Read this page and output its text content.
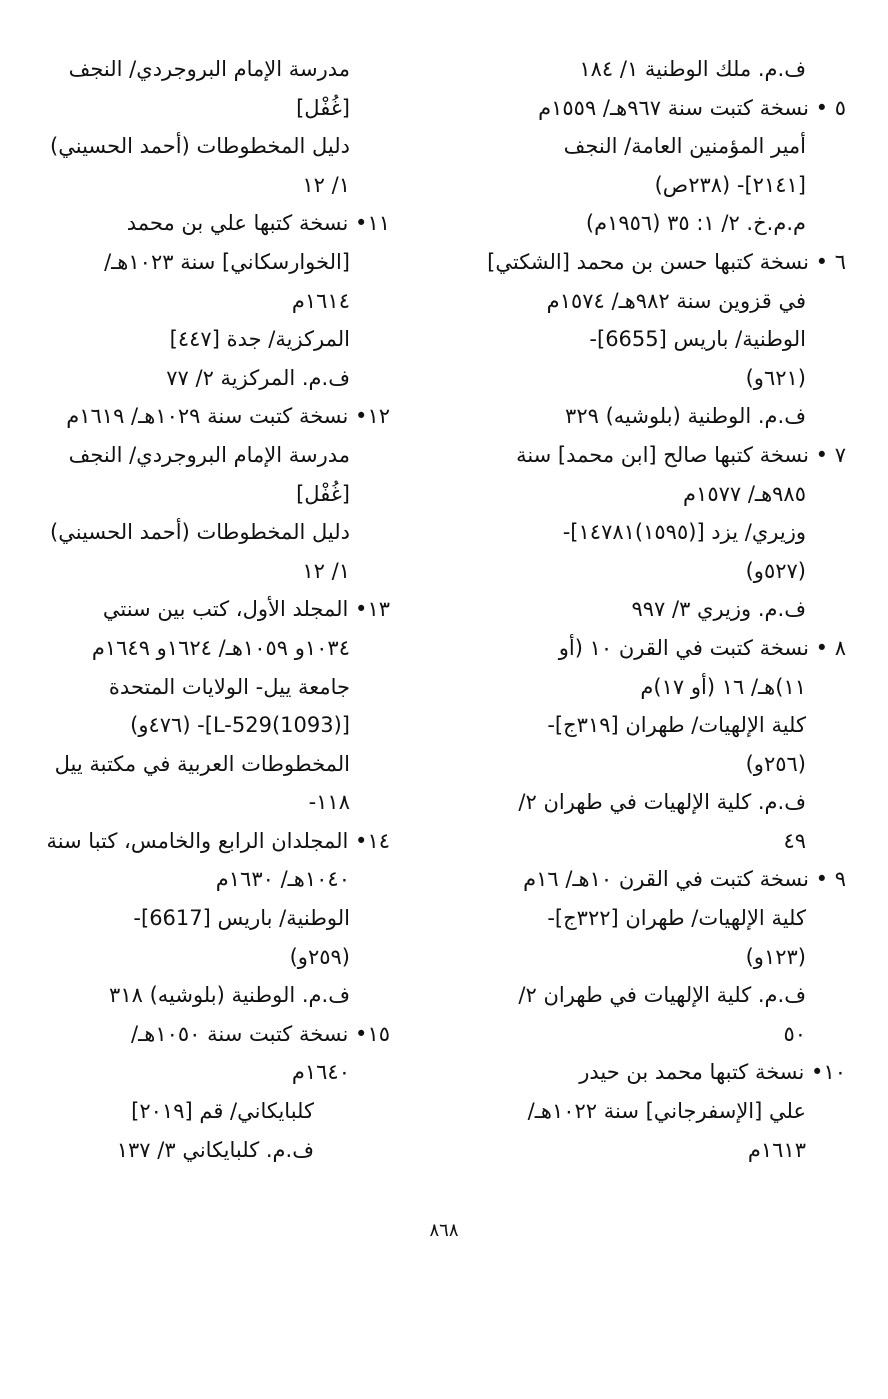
ف.م. ملك الوطنية ١/ ١٨٤
٥ • نسخة كتبت سنة ٩٦٧هـ/ ١٥٥٩م
أمير المؤمنين العامة/ النجف
[٢١٤١]- (٢٣٨ص)
م.م.خ. ٢/ ١: ٣٥ (١٩٥٦م)
٦ • نسخة كتبها حسن بن محمد [الشكتي]
في قزوين سنة ٩٨٢هـ/ ١٥٧٤م
الوطنية/ باريس [6655]-
(٦٢١و)
ف.م. الوطنية (بلوشيه) ٣٢٩
٧ • نسخة كتبها صالح [ابن محمد] سنة
٩٨٥هـ/ ١٥٧٧م
وزيري/ يزد [(١٥٩٥)١٤٧٨١]-
(٥٢٧و)
ف.م. وزيري ٣/ ٩٩٧
٨ • نسخة كتبت في القرن ١٠ (أو
١١)هـ/ ١٦ (أو ١٧)م
كلية الإلهيات/ طهران [٣١٩ج]-
(٢٥٦و)
ف.م. كلية الإلهيات في طهران ٢/
٤٩
٩ • نسخة كتبت في القرن ١٠هـ/ ١٦م
كلية الإلهيات/ طهران [٣٢٢ج]-
(١٢٣و)
ف.م. كلية الإلهيات في طهران ٢/
٥٠
١٠• نسخة كتبها محمد بن حيدر
علي [الإسفرجاني] سنة ١٠٢٢هـ/
١٦١٣م
مدرسة الإمام البروجردي/ النجف
[غُفْل]
دليل المخطوطات (أحمد الحسيني)
١/ ١٢
١١• نسخة كتبها علي بن محمد
[الخوارسكاني] سنة ١٠٢٣هـ/
١٦١٤م
المركزية/ جدة [٤٤٧]
ف.م. المركزية ٢/ ٧٧
١٢• نسخة كتبت سنة ١٠٢٩هـ/ ١٦١٩م
مدرسة الإمام البروجردي/ النجف
[غُفْل]
دليل المخطوطات (أحمد الحسيني)
١/ ١٢
١٣• المجلد الأول، كتب بين سنتي
١٠٣٤و ١٠٥٩هـ/ ١٦٢٤و ١٦٤٩م
جامعة ييل- الولايات المتحدة
[(1093)L-529]- (٤٧٦و)
المخطوطات العربية في مكتبة ييل
١١٨-
١٤• المجلدان الرابع والخامس، كتبا سنة
١٠٤٠هـ/ ١٦٣٠م
الوطنية/ باريس [6617]-
(٢٥٩و)
ف.م. الوطنية (بلوشيه) ٣١٨
١٥• نسخة كتبت سنة ١٠٥٠هـ/
١٦٤٠م
كلبايكاني/ قم [٢٠١٩]
ف.م. كلبايكاني ٣/ ١٣٧
٨٦٨
